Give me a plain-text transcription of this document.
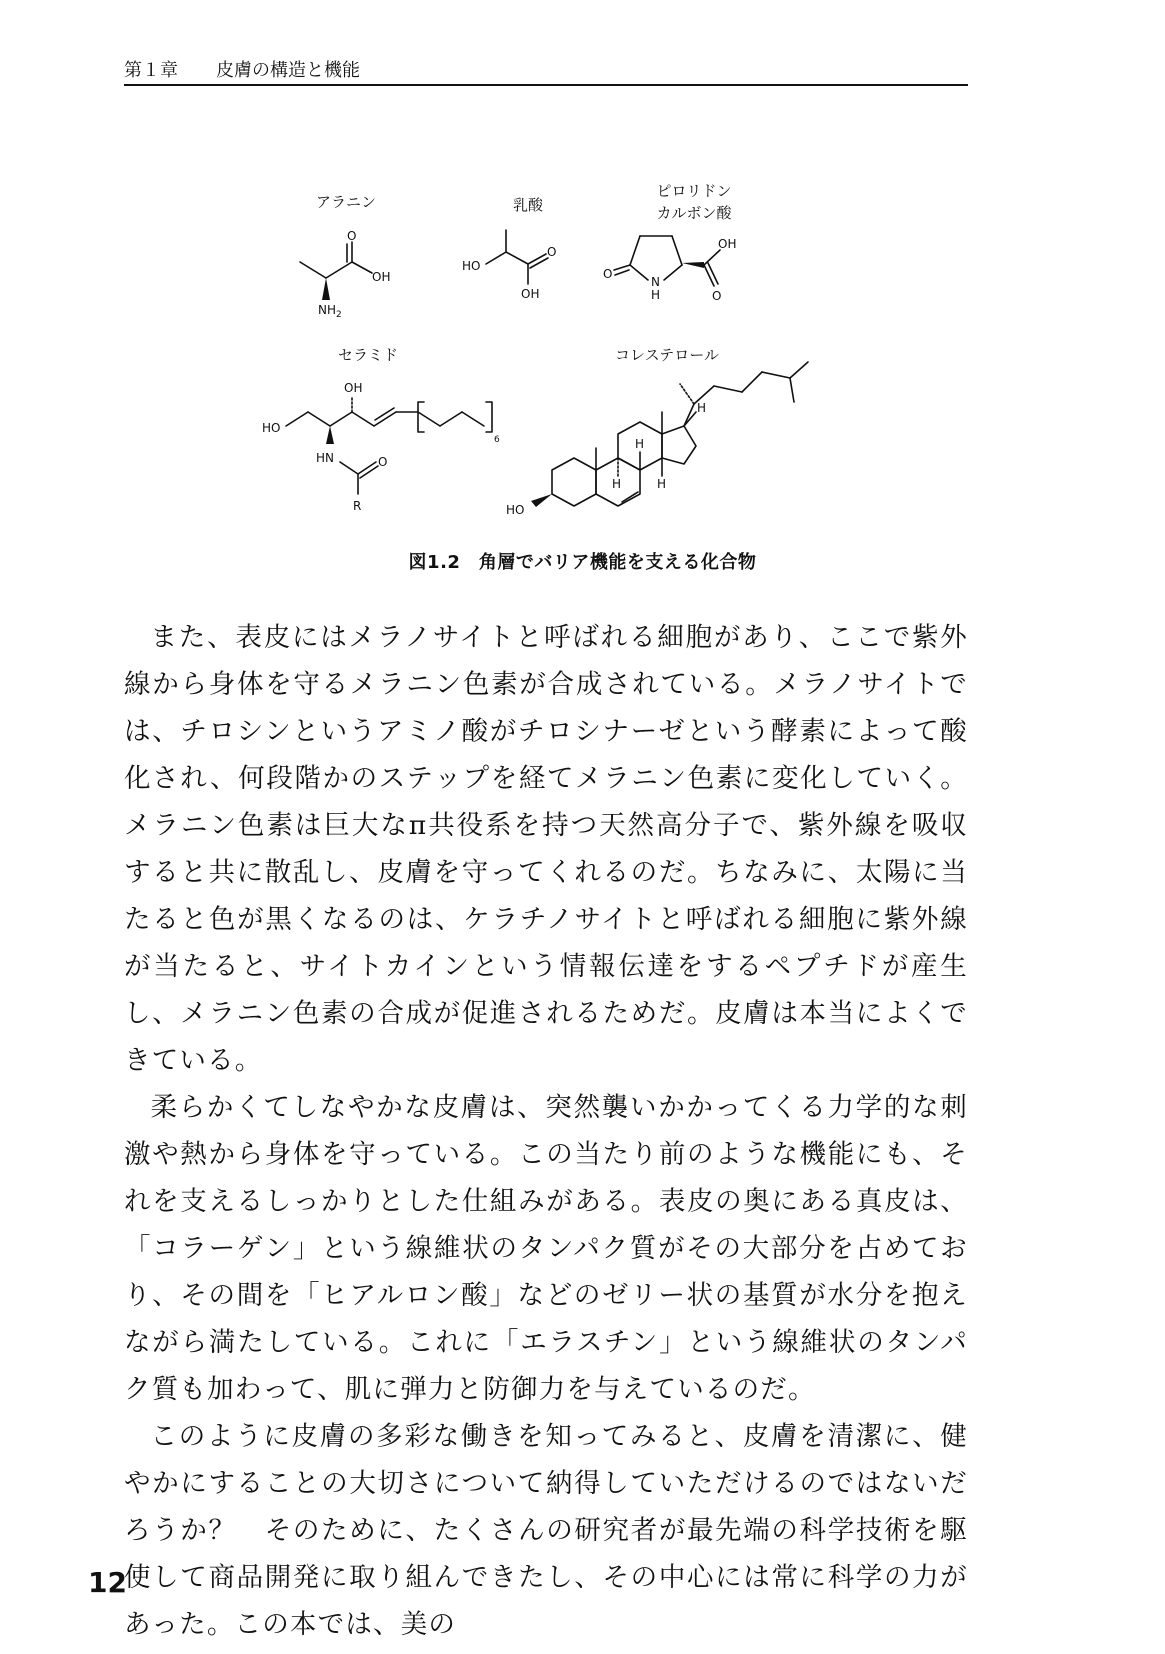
第１章 皮膚の構造と機能
アラニン	乳酸
ピロリドン
カルボン酸
セラミド	コレステロール
O
OH
$NH_2$
HO
O
OH
O
N
H
OH
O
HO
OH
HN	O
R
6
H
H
H
H
HO
図1.2　角層でバリア機能を支える化合物

また、表皮にはメラノサイトと呼ばれる細胞があり、ここで紫外線から身体を守るメラニン色素が合成されている。メラノサイトでは、チロシンというアミノ酸がチロシナーゼという酵素によって酸化され、何段階かのステップを経てメラニン色素に変化していく。メラニン色素は巨大なπ共役系を持つ天然高分子で、紫外線を吸収すると共に散乱し、皮膚を守ってくれるのだ。ちなみに、太陽に当たると色が黒くなるのは、ケラチノサイトと呼ばれる細胞に紫外線が当たると、サイトカインという情報伝達をするペプチドが産生し、メラニン色素の合成が促進されるためだ。皮膚は本当によくできている。

柔らかくてしなやかな皮膚は、突然襲いかかってくる力学的な刺激や熱から身体を守っている。この当たり前のような機能にも、それを支えるしっかりとした仕組みがある。表皮の奥にある真皮は、「コラーゲン」という線維状のタンパク質がその大部分を占めており、その間を「ヒアルロン酸」などのゼリー状の基質が水分を抱えながら満たしている。これに「エラスチン」という線維状のタンパク質も加わって、肌に弾力と防御力を与えているのだ。

このように皮膚の多彩な働きを知ってみると、皮膚を清潔に、健やかにすることの大切さについて納得していただけるのではないだろうか？　そのために、たくさんの研究者が最先端の科学技術を駆使して商品開発に取り組んできたし、その中心には常に科学の力があった。この本では、美の

12
